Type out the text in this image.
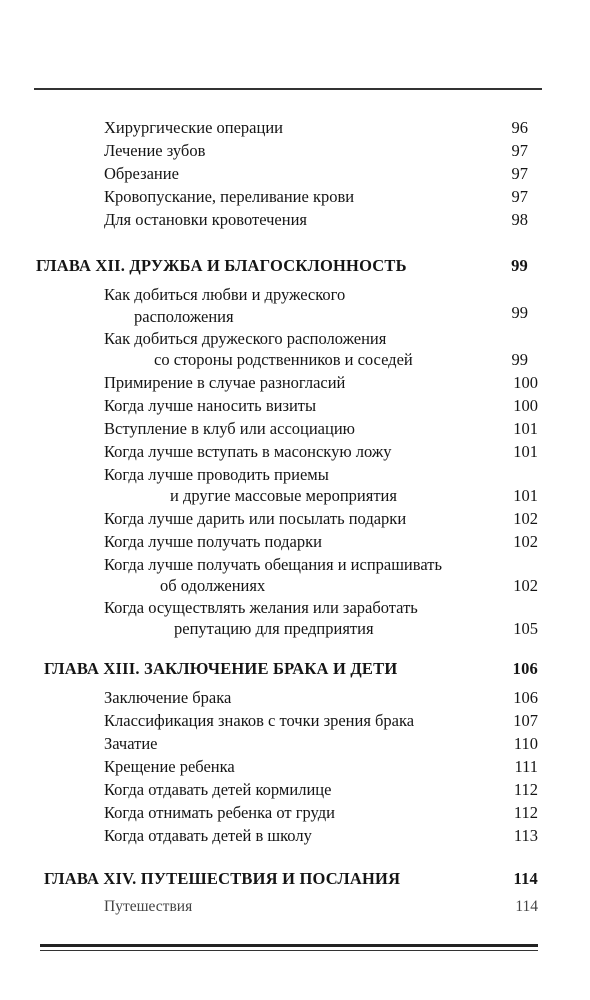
Хирургические операции	96
Лечение зубов	97
Обрезание	97
Кровопускание, переливание крови	97
Для остановки кровотечения	98
ГЛАВА XII. ДРУЖБА И БЛАГОСКЛОННОСТЬ	99
Как добиться любви и дружеского
расположения	99
Как добиться дружеского расположения
со стороны родственников и соседей	99
Примирение в случае разногласий	100
Когда лучше наносить визиты	100
Вступление в клуб или ассоциацию	101
Когда лучше вступать в масонскую ложу	101
Когда лучше проводить приемы
и другие массовые мероприятия	101
Когда лучше дарить или посылать подарки	102
Когда лучше получать подарки	102
Когда лучше получать обещания и испрашивать
об одолжениях	102
Когда осуществлять желания или заработать
репутацию для предприятия	105
ГЛАВА XIII. ЗАКЛЮЧЕНИЕ БРАКА И ДЕТИ	106
Заключение брака	106
Классификация знаков с точки зрения брака	107
Зачатие	110
Крещение ребенка	111
Когда отдавать детей кормилице	112
Когда отнимать ребенка от груди	112
Когда отдавать детей в школу	113
ГЛАВА XIV. ПУТЕШЕСТВИЯ И ПОСЛАНИЯ	114
Путешествия	114
